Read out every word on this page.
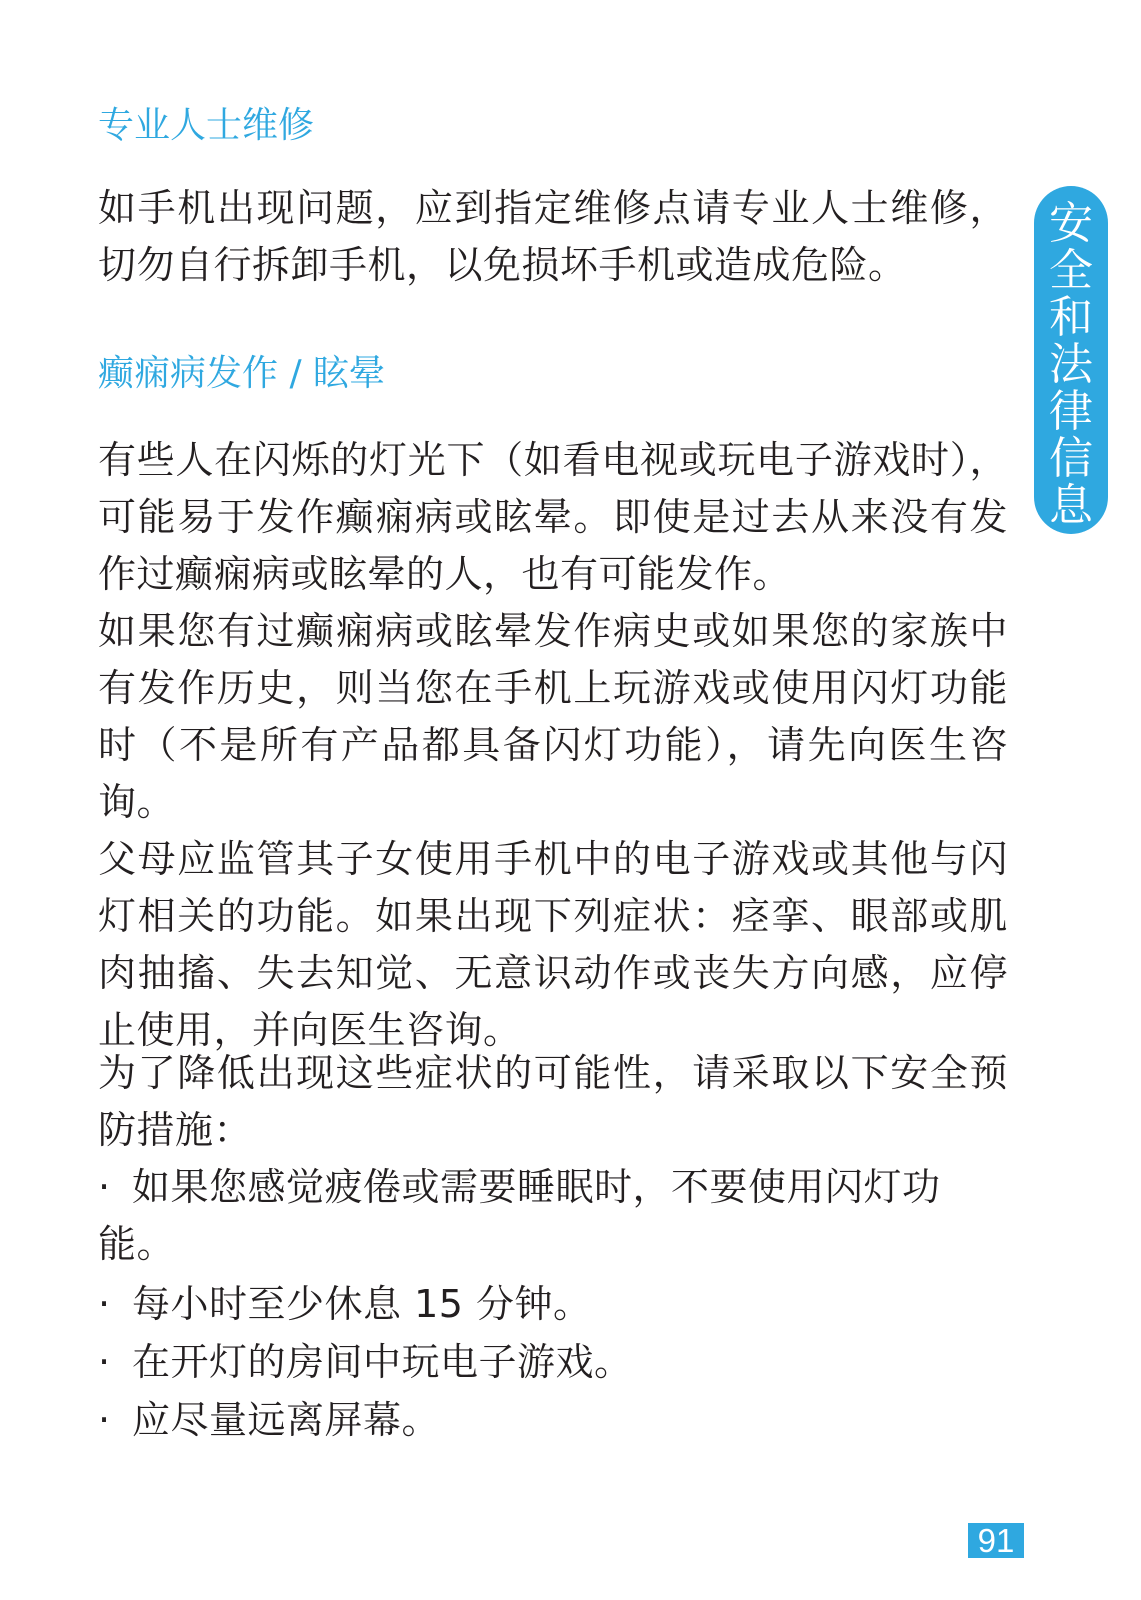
专业人士维修

如手机出现问题，应到指定维修点请专业人士维修，切勿自行拆卸手机，以免损坏手机或造成危险。

癫痫病发作 / 眩晕

有些人在闪烁的灯光下（如看电视或玩电子游戏时），可能易于发作癫痫病或眩晕。即使是过去从来没有发作过癫痫病或眩晕的人，也有可能发作。

如果您有过癫痫病或眩晕发作病史或如果您的家族中有发作历史，则当您在手机上玩游戏或使用闪灯功能时（不是所有产品都具备闪灯功能），请先向医生咨询。

父母应监管其子女使用手机中的电子游戏或其他与闪灯相关的功能。如果出现下列症状：痉挛、眼部或肌肉抽搐、失去知觉、无意识动作或丧失方向感，应停止使用，并向医生咨询。

为了降低出现这些症状的可能性，请采取以下安全预防措施：

· 如果您感觉疲倦或需要睡眠时，不要使用闪灯功能。
· 每小时至少休息 15 分钟。
· 在开灯的房间中玩电子游戏。
· 应尽量远离屏幕。
安全和法律信息
91
